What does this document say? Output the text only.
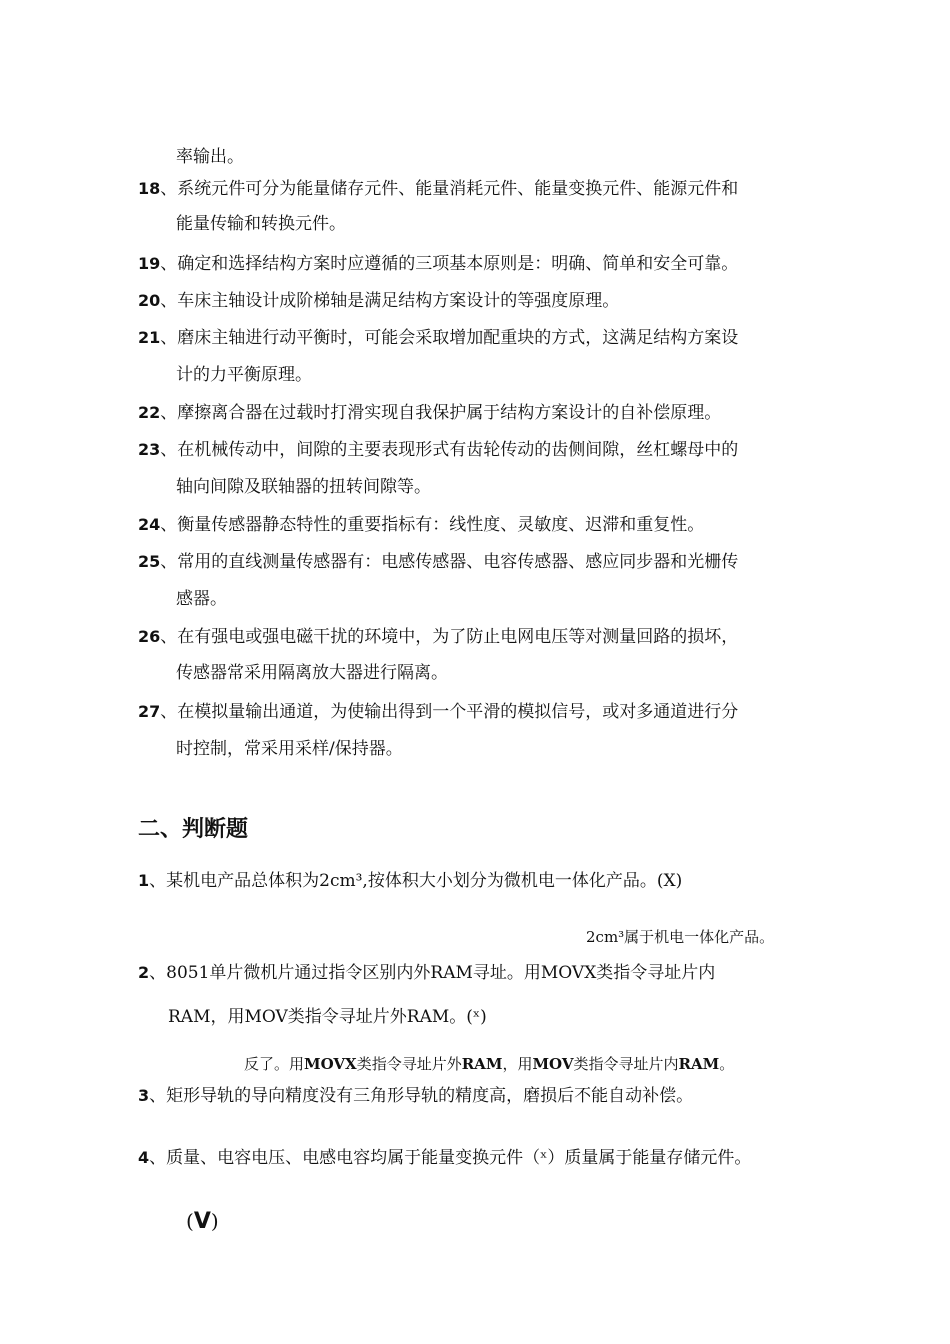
率输出。
18、系统元件可分为能量储存元件、能量消耗元件、能量变换元件、能源元件和
能量传输和转换元件。
19、确定和选择结构方案时应遵循的三项基本原则是：明确、简单和安全可靠。
20、车床主轴设计成阶梯轴是满足结构方案设计的等强度原理。
21、磨床主轴进行动平衡时，可能会采取增加配重块的方式，这满足结构方案设
计的力平衡原理。
22、摩擦离合器在过载时打滑实现自我保护属于结构方案设计的自补偿原理。
23、在机械传动中，间隙的主要表现形式有齿轮传动的齿侧间隙，丝杠螺母中的
轴向间隙及联轴器的扭转间隙等。
24、衡量传感器静态特性的重要指标有：线性度、灵敏度、迟滞和重复性。
25、常用的直线测量传感器有：电感传感器、电容传感器、感应同步器和光栅传
感器。
26、在有强电或强电磁干扰的环境中，为了防止电网电压等对测量回路的损坏，
传感器常采用隔离放大器进行隔离。
27、在模拟量输出通道，为使输出得到一个平滑的模拟信号，或对多通道进行分
时控制，常采用采样/保持器。
二、判断题
1、某机电产品总体积为2cm³,按体积大小划分为微机电一体化产品。(X)
2cm³属于机电一体化产品。
2、8051单片微机片通过指令区别内外RAM寻址。用MOVX类指令寻址片内
RAM，用MOV类指令寻址片外RAM。(ˣ)
反了。用MOVX类指令寻址片外RAM，用MOV类指令寻址片内RAM。
3、矩形导轨的导向精度没有三角形导轨的精度高，磨损后不能自动补偿。
4、质量、电容电压、电感电容均属于能量变换元件（ˣ）质量属于能量存储元件。
(V)
